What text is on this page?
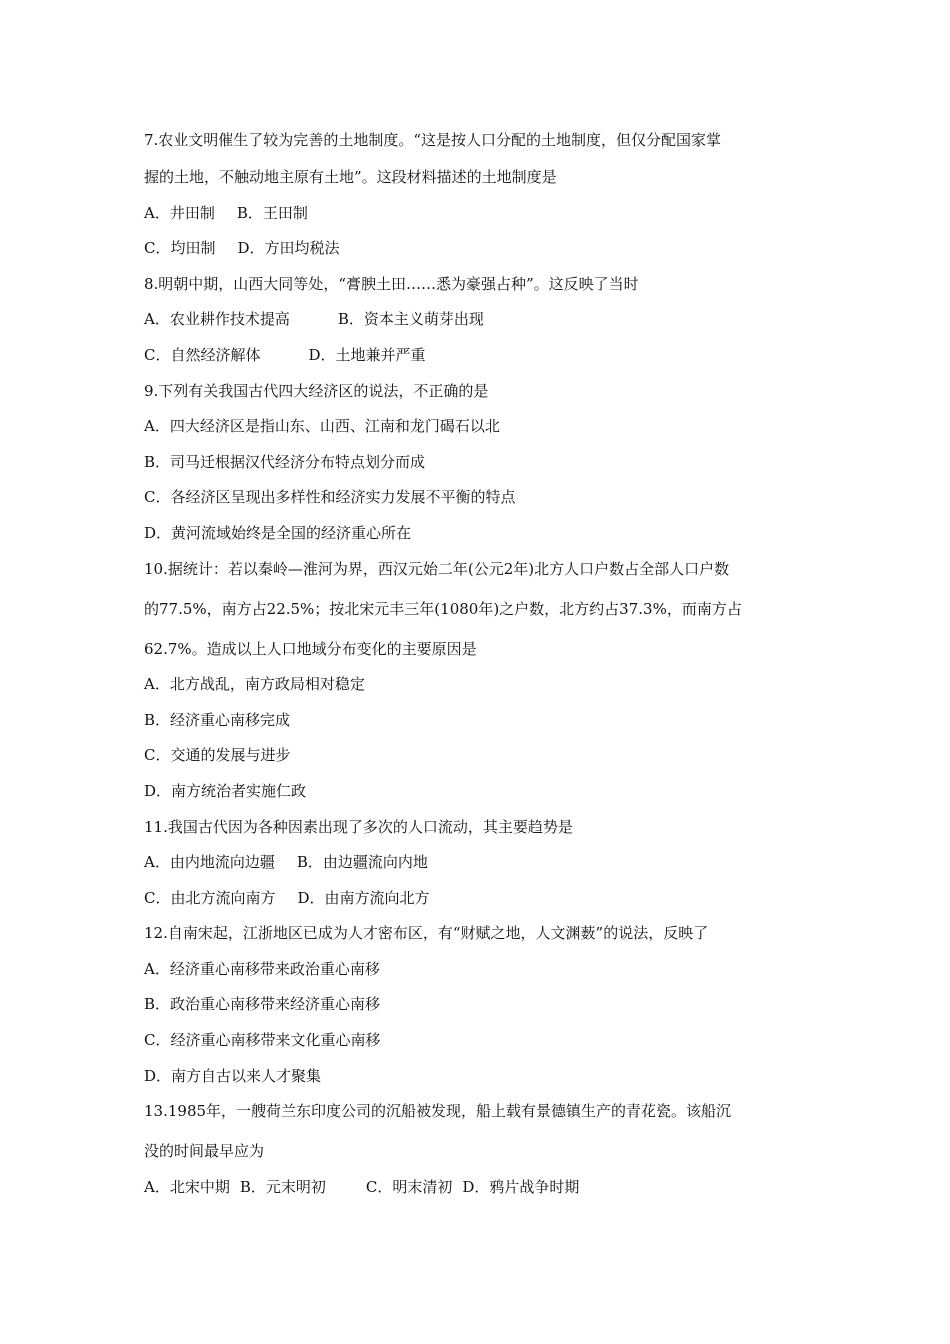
7.农业文明催生了较为完善的土地制度。“这是按人口分配的土地制度，但仅分配国家掌
握的土地，不触动地主原有土地”。这段材料描述的土地制度是
A．井田制 B．王田制
C．均田制 D．方田均税法
8.明朝中期，山西大同等处，“膏腴土田……悉为豪强占种”。这反映了当时
A．农业耕作技术提高	B．资本主义萌芽出现
C．自然经济解体	D．土地兼并严重
9.下列有关我国古代四大经济区的说法，不正确的是
A．四大经济区是指山东、山西、江南和龙门碣石以北
B．司马迁根据汉代经济分布特点划分而成
C．各经济区呈现出多样性和经济实力发展不平衡的特点
D．黄河流域始终是全国的经济重心所在
10.据统计：若以秦岭—淮河为界，西汉元始二年(公元2年)北方人口户数占全部人口户数
的77.5%，南方占22.5%；按北宋元丰三年(1080年)之户数，北方约占37.3%，而南方占
62.7%。造成以上人口地域分布变化的主要原因是
A．北方战乱，南方政局相对稳定
B．经济重心南移完成
C．交通的发展与进步
D．南方统治者实施仁政
11.我国古代因为各种因素出现了多次的人口流动，其主要趋势是
A．由内地流向边疆 B．由边疆流向内地
C．由北方流向南方 D．由南方流向北方
12.自南宋起，江浙地区已成为人才密布区，有“财赋之地，人文渊薮”的说法，反映了
A．经济重心南移带来政治重心南移
B．政治重心南移带来经济重心南移
C．经济重心南移带来文化重心南移
D．南方自古以来人才聚集
13.1985年，一艘荷兰东印度公司的沉船被发现，船上载有景德镇生产的青花瓷。该船沉
没的时间最早应为
A．北宋中期 B．元末明初	C．明末清初 D．鸦片战争时期
